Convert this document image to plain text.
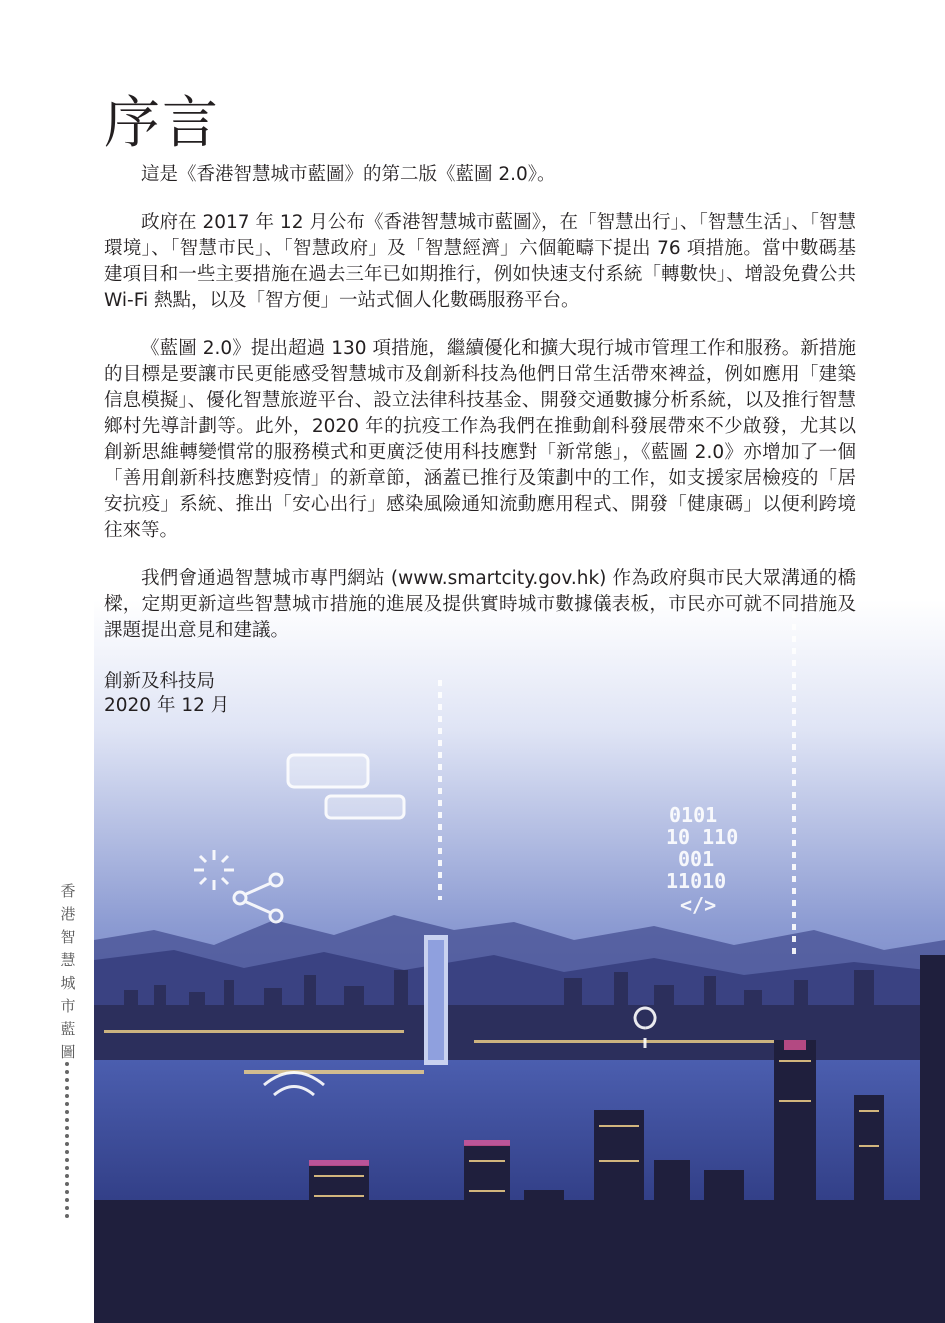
0101
10 110
001
11010
</>
序言

這是《香港智慧城市藍圖》的第二版《藍圖 2.0》。

政府在 2017 年 12 月公布《香港智慧城市藍圖》，在「智慧出行」、「智慧生活」、「智慧環境」、「智慧市民」、「智慧政府」及「智慧經濟」六個範疇下提出 76 項措施。當中數碼基建項目和一些主要措施在過去三年已如期推行，例如快速支付系統「轉數快」、增設免費公共 Wi-Fi 熱點，以及「智方便」一站式個人化數碼服務平台。

《藍圖 2.0》提出超過 130 項措施，繼續優化和擴大現行城市管理工作和服務。新措施的目標是要讓市民更能感受智慧城市及創新科技為他們日常生活帶來裨益，例如應用「建築信息模擬」、優化智慧旅遊平台、設立法律科技基金、開發交通數據分析系統，以及推行智慧鄉村先導計劃等。此外，2020 年的抗疫工作為我們在推動創科發展帶來不少啟發，尤其以創新思維轉變慣常的服務模式和更廣泛使用科技應對「新常態」，《藍圖 2.0》亦增加了一個「善用創新科技應對疫情」的新章節，涵蓋已推行及策劃中的工作，如支援家居檢疫的「居安抗疫」系統、推出「安心出行」感染風險通知流動應用程式、開發「健康碼」以便利跨境往來等。

我們會通過智慧城市專門網站 (www.smartcity.gov.hk) 作為政府與市民大眾溝通的橋樑，定期更新這些智慧城市措施的進展及提供實時城市數據儀表板，市民亦可就不同措施及課題提出意見和建議。

創新及科技局
2020 年 12 月
香
港
智
慧
城
市
藍
圖
